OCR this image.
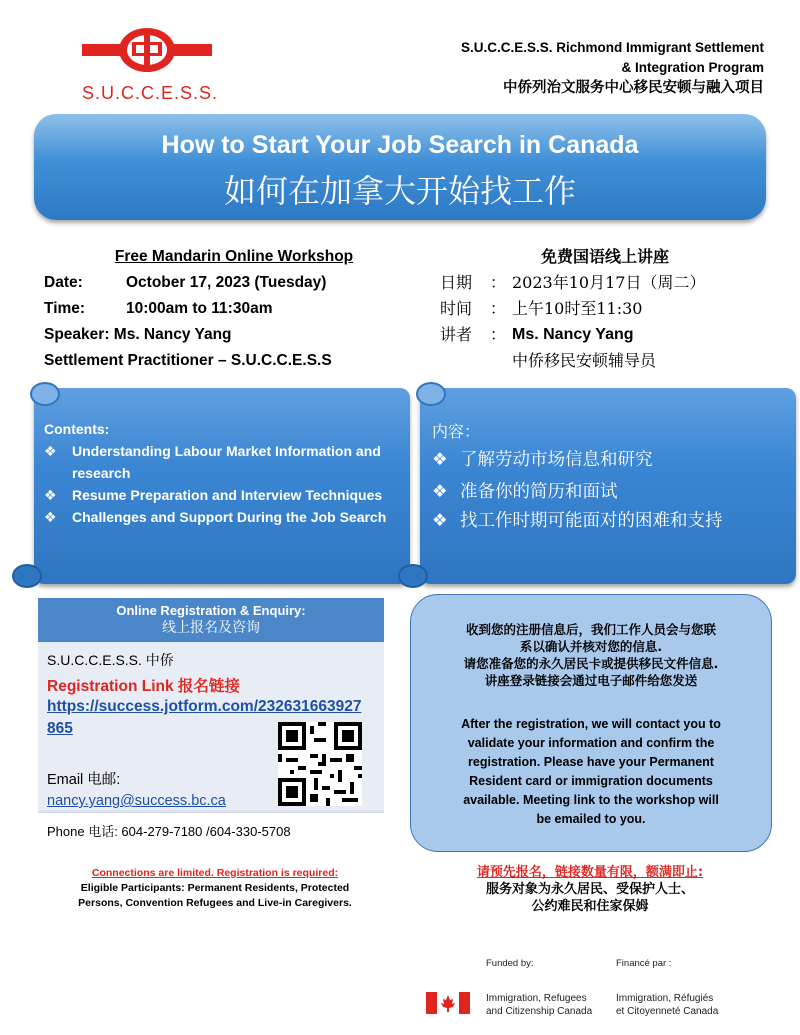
S.U.C.C.E.S.S.
S.U.C.C.E.S.S. Richmond Immigrant Settlement
& Integration Program
中侨列治文服务中心移民安顿与融入项目
How to Start Your Job Search in Canada
如何在加拿大开始找工作
Free Mandarin Online Workshop
Date:	October 17, 2023 (Tuesday)
Time:	10:00am to 11:30am
Speaker: Ms. Nancy Yang
Settlement Practitioner – S.U.C.C.E.S.S
免费国语线上讲座
日期	： 2023年10月17日（周二）
时间	： 上午10时至11:30
讲者	： Ms. Nancy Yang
中侨移民安顿辅导员
Contents:
❖	Understanding Labour Market Information and research
❖	Resume Preparation and Interview Techniques
❖	Challenges and Support During the Job Search
内容：
❖ 了解劳动市场信息和研究
❖ 准备你的简历和面试
❖ 找工作时期可能面对的困难和支持
Online Registration & Enquiry:
线上报名及咨询
S.U.C.C.E.S.S. 中侨
Registration Link 报名链接
https://success.jotform.com/232631663927865
Email 电邮:
nancy.yang@success.bc.ca
Phone 电话: 604-279-7180 /604-330-5708
收到您的注册信息后，我们工作人员会与您联
系以确认并核对您的信息.
请您准备您的永久居民卡或提供移民文件信息.
讲座登录链接会通过电子邮件给您发送
After the registration, we will contact you to
validate your information and confirm the
registration. Please have your Permanent
Resident card or immigration documents
available. Meeting link to the workshop will
be emailed to you.
Connections are limited. Registration is required:
Eligible Participants: Permanent Residents, Protected
Persons, Convention Refugees and Live-in Caregivers.
请预先报名，链接数量有限，额满即止:
服务对象为永久居民、受保护人士、
公约难民和住家保姆
Funded by:	Financé par :
Immigration, Refugees
and Citizenship Canada
Immigration, Réfugiés
et Citoyenneté Canada
